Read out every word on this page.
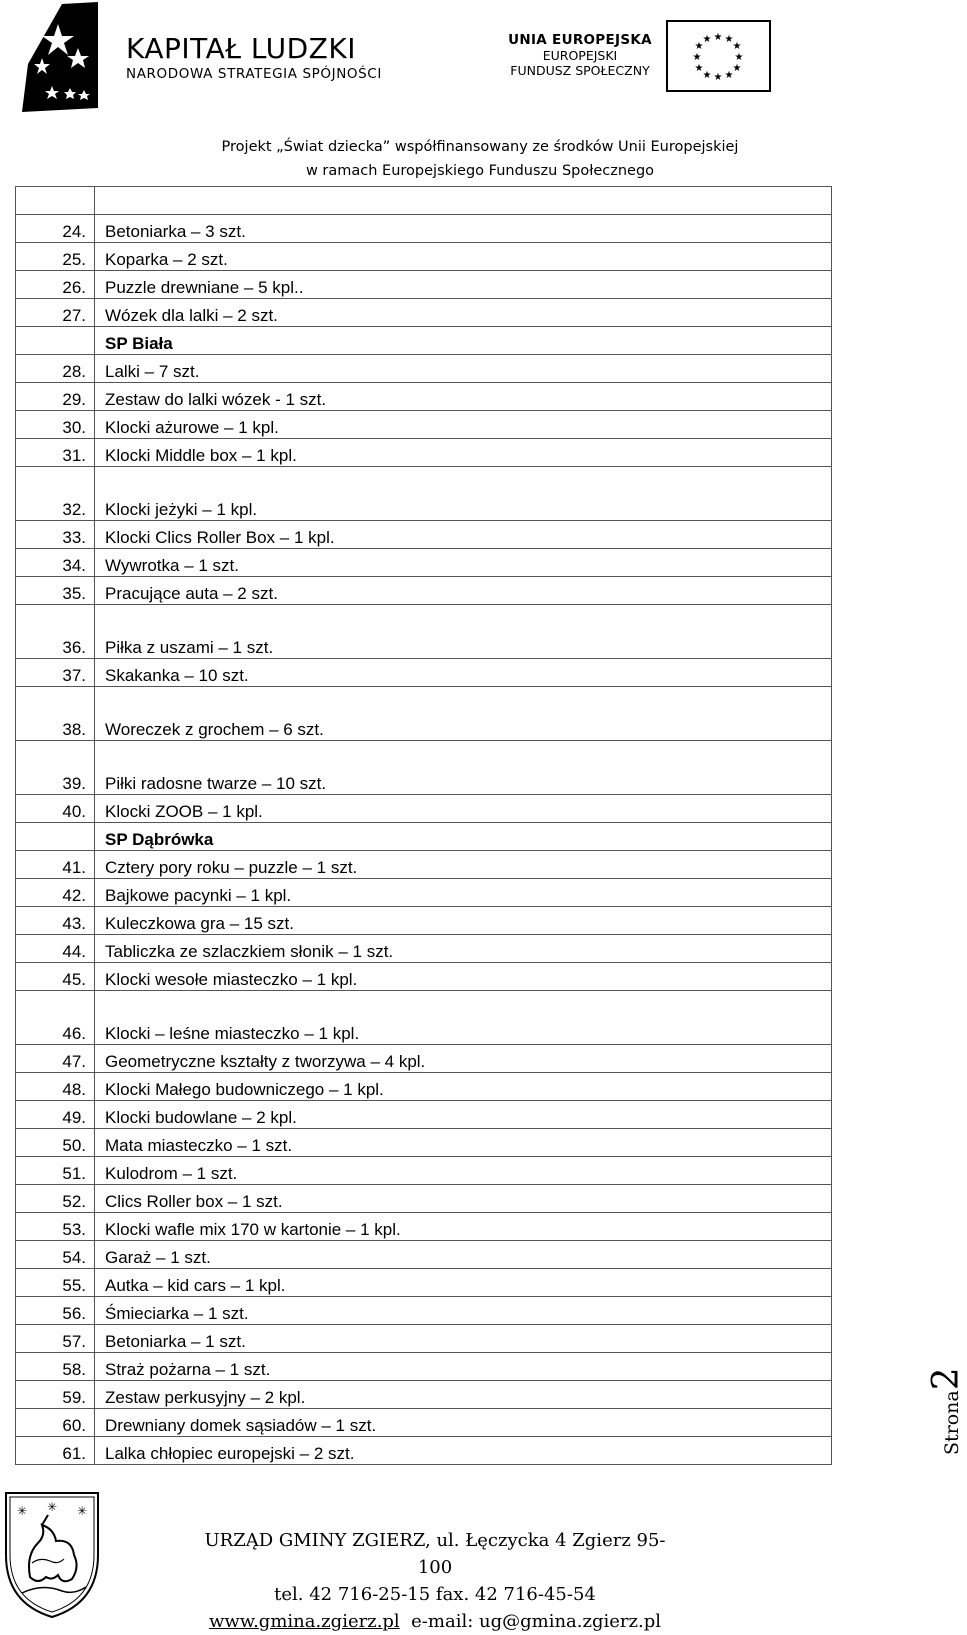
KAPITAŁ LUDZKI
NARODOWA STRATEGIA SPÓJNOŚCI
UNIA EUROPEJSKA
EUROPEJSKI
FUNDUSZ SPOŁECZNY
★ ★
★
★
★
★
★
★
★
★
★
★
Projekt „Świat dziecka” współfinansowany ze środków Unii Europejskiej
w ramach Europejskiego Funduszu Społecznego

24.	Betoniarka – 3 szt.
25.	Koparka – 2 szt.
26.	Puzzle drewniane – 5 kpl..
27.	Wózek dla lalki – 2 szt.
	SP Biała
28.	Lalki – 7 szt.
29.	Zestaw do lalki wózek - 1 szt.
30.	Klocki ażurowe – 1 kpl.
31.	Klocki Middle box – 1 kpl.
32.	Klocki jeżyki – 1 kpl.
33.	Klocki Clics Roller Box – 1 kpl.
34.	Wywrotka – 1 szt.
35.	Pracujące auta – 2 szt.
36.	Piłka z uszami – 1 szt.
37.	Skakanka – 10 szt.
38.	Woreczek z grochem – 6 szt.
39.	Piłki radosne twarze – 10 szt.
40.	Klocki ZOOB – 1 kpl.
	SP Dąbrówka
41.	Cztery pory roku – puzzle – 1 szt.
42.	Bajkowe pacynki – 1 kpl.
43.	Kuleczkowa gra – 15 szt.
44.	Tabliczka ze szlaczkiem słonik – 1 szt.
45.	Klocki wesołe miasteczko – 1 kpl.
46.	Klocki – leśne miasteczko – 1 kpl.
47.	Geometryczne kształty z tworzywa – 4 kpl.
48.	Klocki Małego budowniczego – 1 kpl.
49.	Klocki budowlane – 2 kpl.
50.	Mata miasteczko – 1 szt.
51.	Kulodrom – 1 szt.
52.	Clics Roller box – 1 szt.
53.	Klocki wafle mix 170 w kartonie – 1 kpl.
54.	Garaż – 1 szt.
55.	Autka – kid cars – 1 kpl.
56.	Śmieciarka – 1 szt.
57.	Betoniarka – 1 szt.
58.	Straż pożarna – 1 szt.
59.	Zestaw perkusyjny – 2 kpl.
60.	Drewniany domek sąsiadów – 1 szt.
61.	Lalka chłopiec europejski – 2 szt.	Strona2
✳ ✳ ✳
URZĄD GMINY ZGIERZ, ul. Łęczycka 4 Zgierz 95-100
tel. 42 716-25-15 fax. 42 716-45-54
www.gmina.zgierz.pl e-mail: ug@gmina.zgierz.pl
